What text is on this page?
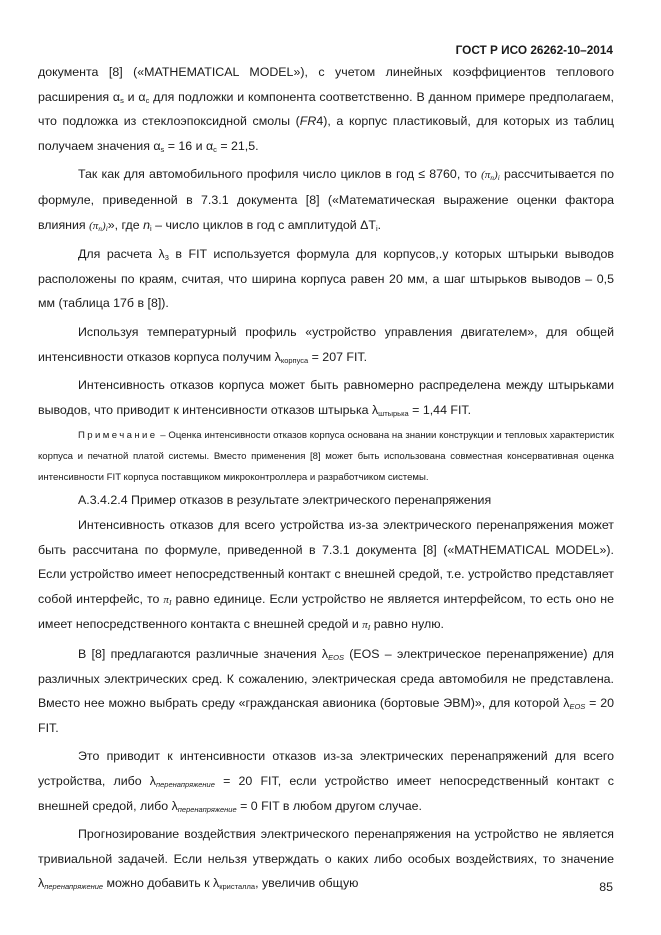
ГОСТ Р ИСО 26262-10–2014

документа [8] («MATHEMATICAL MODEL»), с учетом линейных коэффициентов теплового расширения $\alpha_s$ и $\alpha_c$ для подложки и компонента соответственно. В данном примере предполагаем, что подложка из стеклоэпоксидной смолы (FR4), а корпус пластиковый, для которых из таблиц получаем значения $\alpha_s = 16$ и $\alpha_c = 21,5$.

Так как для автомобильного профиля число циклов в год ≤ 8760, то $(\pi_n)_i$ рассчитывается по формуле, приведенной в 7.3.1 документа [8] («Математическая выражение оценки фактора влияния $(\pi_n)_i$», где $n_i$ – число циклов в год с амплитудой $\Delta T_i$.

Для расчета $\lambda_3$ в FIT используется формула для корпусов,.у которых штырьки выводов расположены по краям, считая, что ширина корпуса равен 20 мм, а шаг штырьков выводов – 0,5 мм (таблица 17б в [8]).

Используя температурный профиль «устройство управления двигателем», для общей интенсивности отказов корпуса получим $\lambda_{корпуса} = 207$ FIT.

Интенсивность отказов корпуса может быть равномерно распределена между штырьками выводов, что приводит к интенсивности отказов штырька $\lambda_{штырька} = 1,44$ FIT.

Примечание – Оценка интенсивности отказов корпуса основана на знании конструкции и тепловых характеристик корпуса и печатной платой системы. Вместо применения [8] может быть использована совместная консервативная оценка интенсивности FIT корпуса поставщиком микроконтроллера и разработчиком системы.

А.3.4.2.4 Пример отказов в результате электрического перенапряжения

Интенсивность отказов для всего устройства из-за электрического перенапряжения может быть рассчитана по формуле, приведенной в 7.3.1 документа [8] («MATHEMATICAL MODEL»). Если устройство имеет непосредственный контакт с внешней средой, т.е. устройство представляет собой интерфейс, то $\pi_I$ равно единице. Если устройство не является интерфейсом, то есть оно не имеет непосредственного контакта с внешней средой и $\pi_I$ равно нулю.

В [8] предлагаются различные значения $\lambda_{EOS}$ (EOS – электрическое перенапряжение) для различных электрических сред. К сожалению, электрическая среда автомобиля не представлена. Вместо нее можно выбрать среду «гражданская авионика (бортовые ЭВМ)», для которой $\lambda_{EOS} = 20$ FIT.

Это приводит к интенсивности отказов из-за электрических перенапряжений для всего устройства, либо $\lambda_{перенапряжение} = 20$ FIT, если устройство имеет непосредственный контакт с внешней средой, либо $\lambda_{перенапряжение} = 0$ FIT в любом другом случае.

Прогнозирование воздействия электрического перенапряжения на устройство не является тривиальной задачей. Если нельзя утверждать о каких либо особых воздействиях, то значение $\lambda_{перенапряжение}$ можно добавить к $\lambda_{кристалла}$, увеличив общую	85
